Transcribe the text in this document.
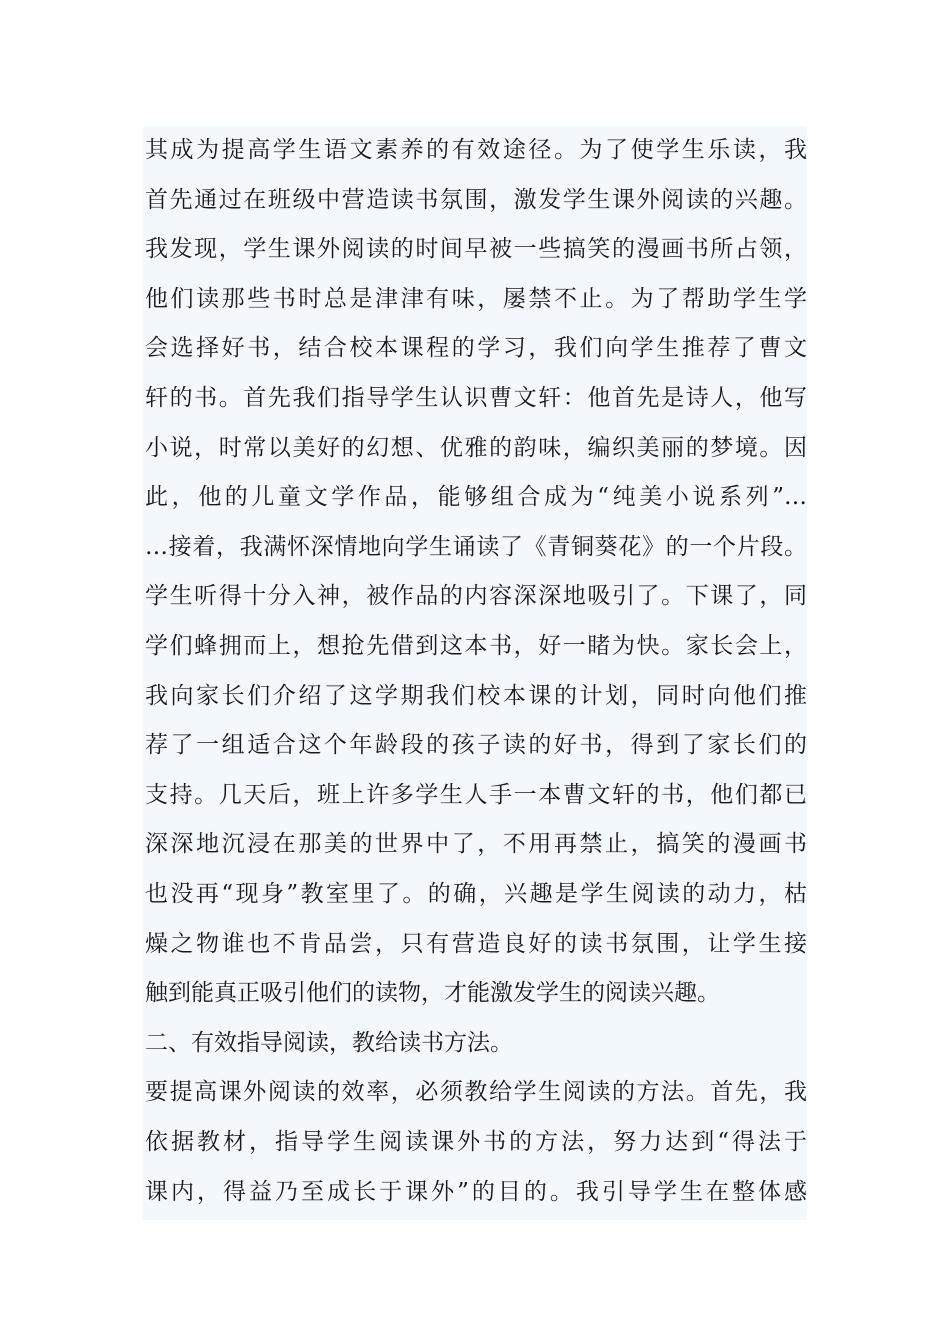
其成为提高学生语文素养的有效途径。为了使学生乐读，我
首先通过在班级中营造读书氛围，激发学生课外阅读的兴趣。
我发现，学生课外阅读的时间早被一些搞笑的漫画书所占领，
他们读那些书时总是津津有味，屡禁不止。为了帮助学生学
会选择好书，结合校本课程的学习，我们向学生推荐了曹文
轩的书。首先我们指导学生认识曹文轩：他首先是诗人，他写
小说，时常以美好的幻想、优雅的韵味，编织美丽的梦境。因
此，他的儿童文学作品，能够组合成为“纯美小说系列”…
…接着，我满怀深情地向学生诵读了《青铜葵花》的一个片段。
学生听得十分入神，被作品的内容深深地吸引了。下课了，同
学们蜂拥而上，想抢先借到这本书，好一睹为快。家长会上，
我向家长们介绍了这学期我们校本课的计划，同时向他们推
荐了一组适合这个年龄段的孩子读的好书，得到了家长们的
支持。几天后，班上许多学生人手一本曹文轩的书，他们都已
深深地沉浸在那美的世界中了，不用再禁止，搞笑的漫画书
也没再“现身”教室里了。的确，兴趣是学生阅读的动力，枯
燥之物谁也不肯品尝，只有营造良好的读书氛围，让学生接
触到能真正吸引他们的读物，才能激发学生的阅读兴趣。
二、有效指导阅读，教给读书方法。
要提高课外阅读的效率，必须教给学生阅读的方法。首先，我
依据教材，指导学生阅读课外书的方法，努力达到“得法于
课内，得益乃至成长于课外”的目的。我引导学生在整体感
